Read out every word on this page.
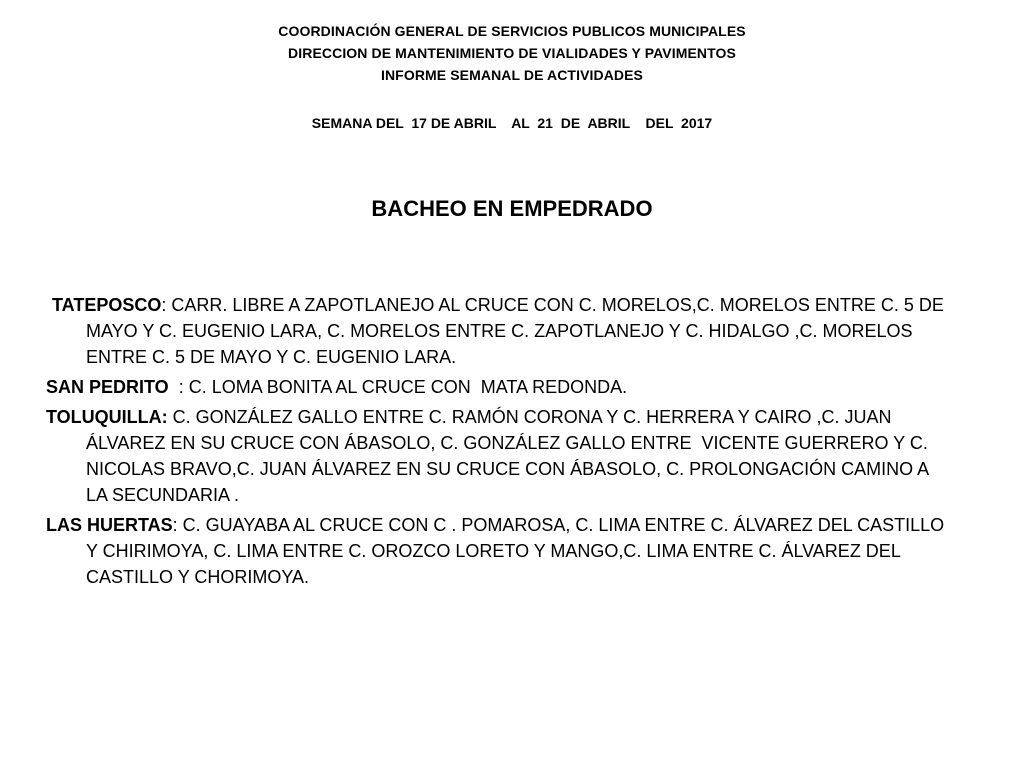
COORDINACIÓN GENERAL DE SERVICIOS PUBLICOS MUNICIPALES
DIRECCION DE MANTENIMIENTO DE VIALIDADES Y PAVIMENTOS
INFORME SEMANAL DE ACTIVIDADES
SEMANA DEL  17 DE ABRIL    AL  21  DE  ABRIL    DEL  2017
BACHEO EN EMPEDRADO

TATEPOSCO: CARR. LIBRE A ZAPOTLANEJO AL CRUCE CON C. MORELOS,C. MORELOS ENTRE C. 5 DE MAYO Y C. EUGENIO LARA, C. MORELOS ENTRE C. ZAPOTLANEJO Y C. HIDALGO ,C. MORELOS ENTRE C. 5 DE MAYO Y C. EUGENIO LARA.

SAN PEDRITO  : C. LOMA BONITA AL CRUCE CON  MATA REDONDA.

TOLUQUILLA: C. GONZÁLEZ GALLO ENTRE C. RAMÓN CORONA Y C. HERRERA Y CAIRO ,C. JUAN ÁLVAREZ EN SU CRUCE CON ÁBASOLO, C. GONZÁLEZ GALLO ENTRE  VICENTE GUERRERO Y C. NICOLAS BRAVO,C. JUAN ÁLVAREZ EN SU CRUCE CON ÁBASOLO, C. PROLONGACIÓN CAMINO A LA SECUNDARIA .

LAS HUERTAS: C. GUAYABA AL CRUCE CON C . POMAROSA, C. LIMA ENTRE C. ÁLVAREZ DEL CASTILLO Y CHIRIMOYA, C. LIMA ENTRE C. OROZCO LORETO Y MANGO,C. LIMA ENTRE C. ÁLVAREZ DEL CASTILLO Y CHORIMOYA.
